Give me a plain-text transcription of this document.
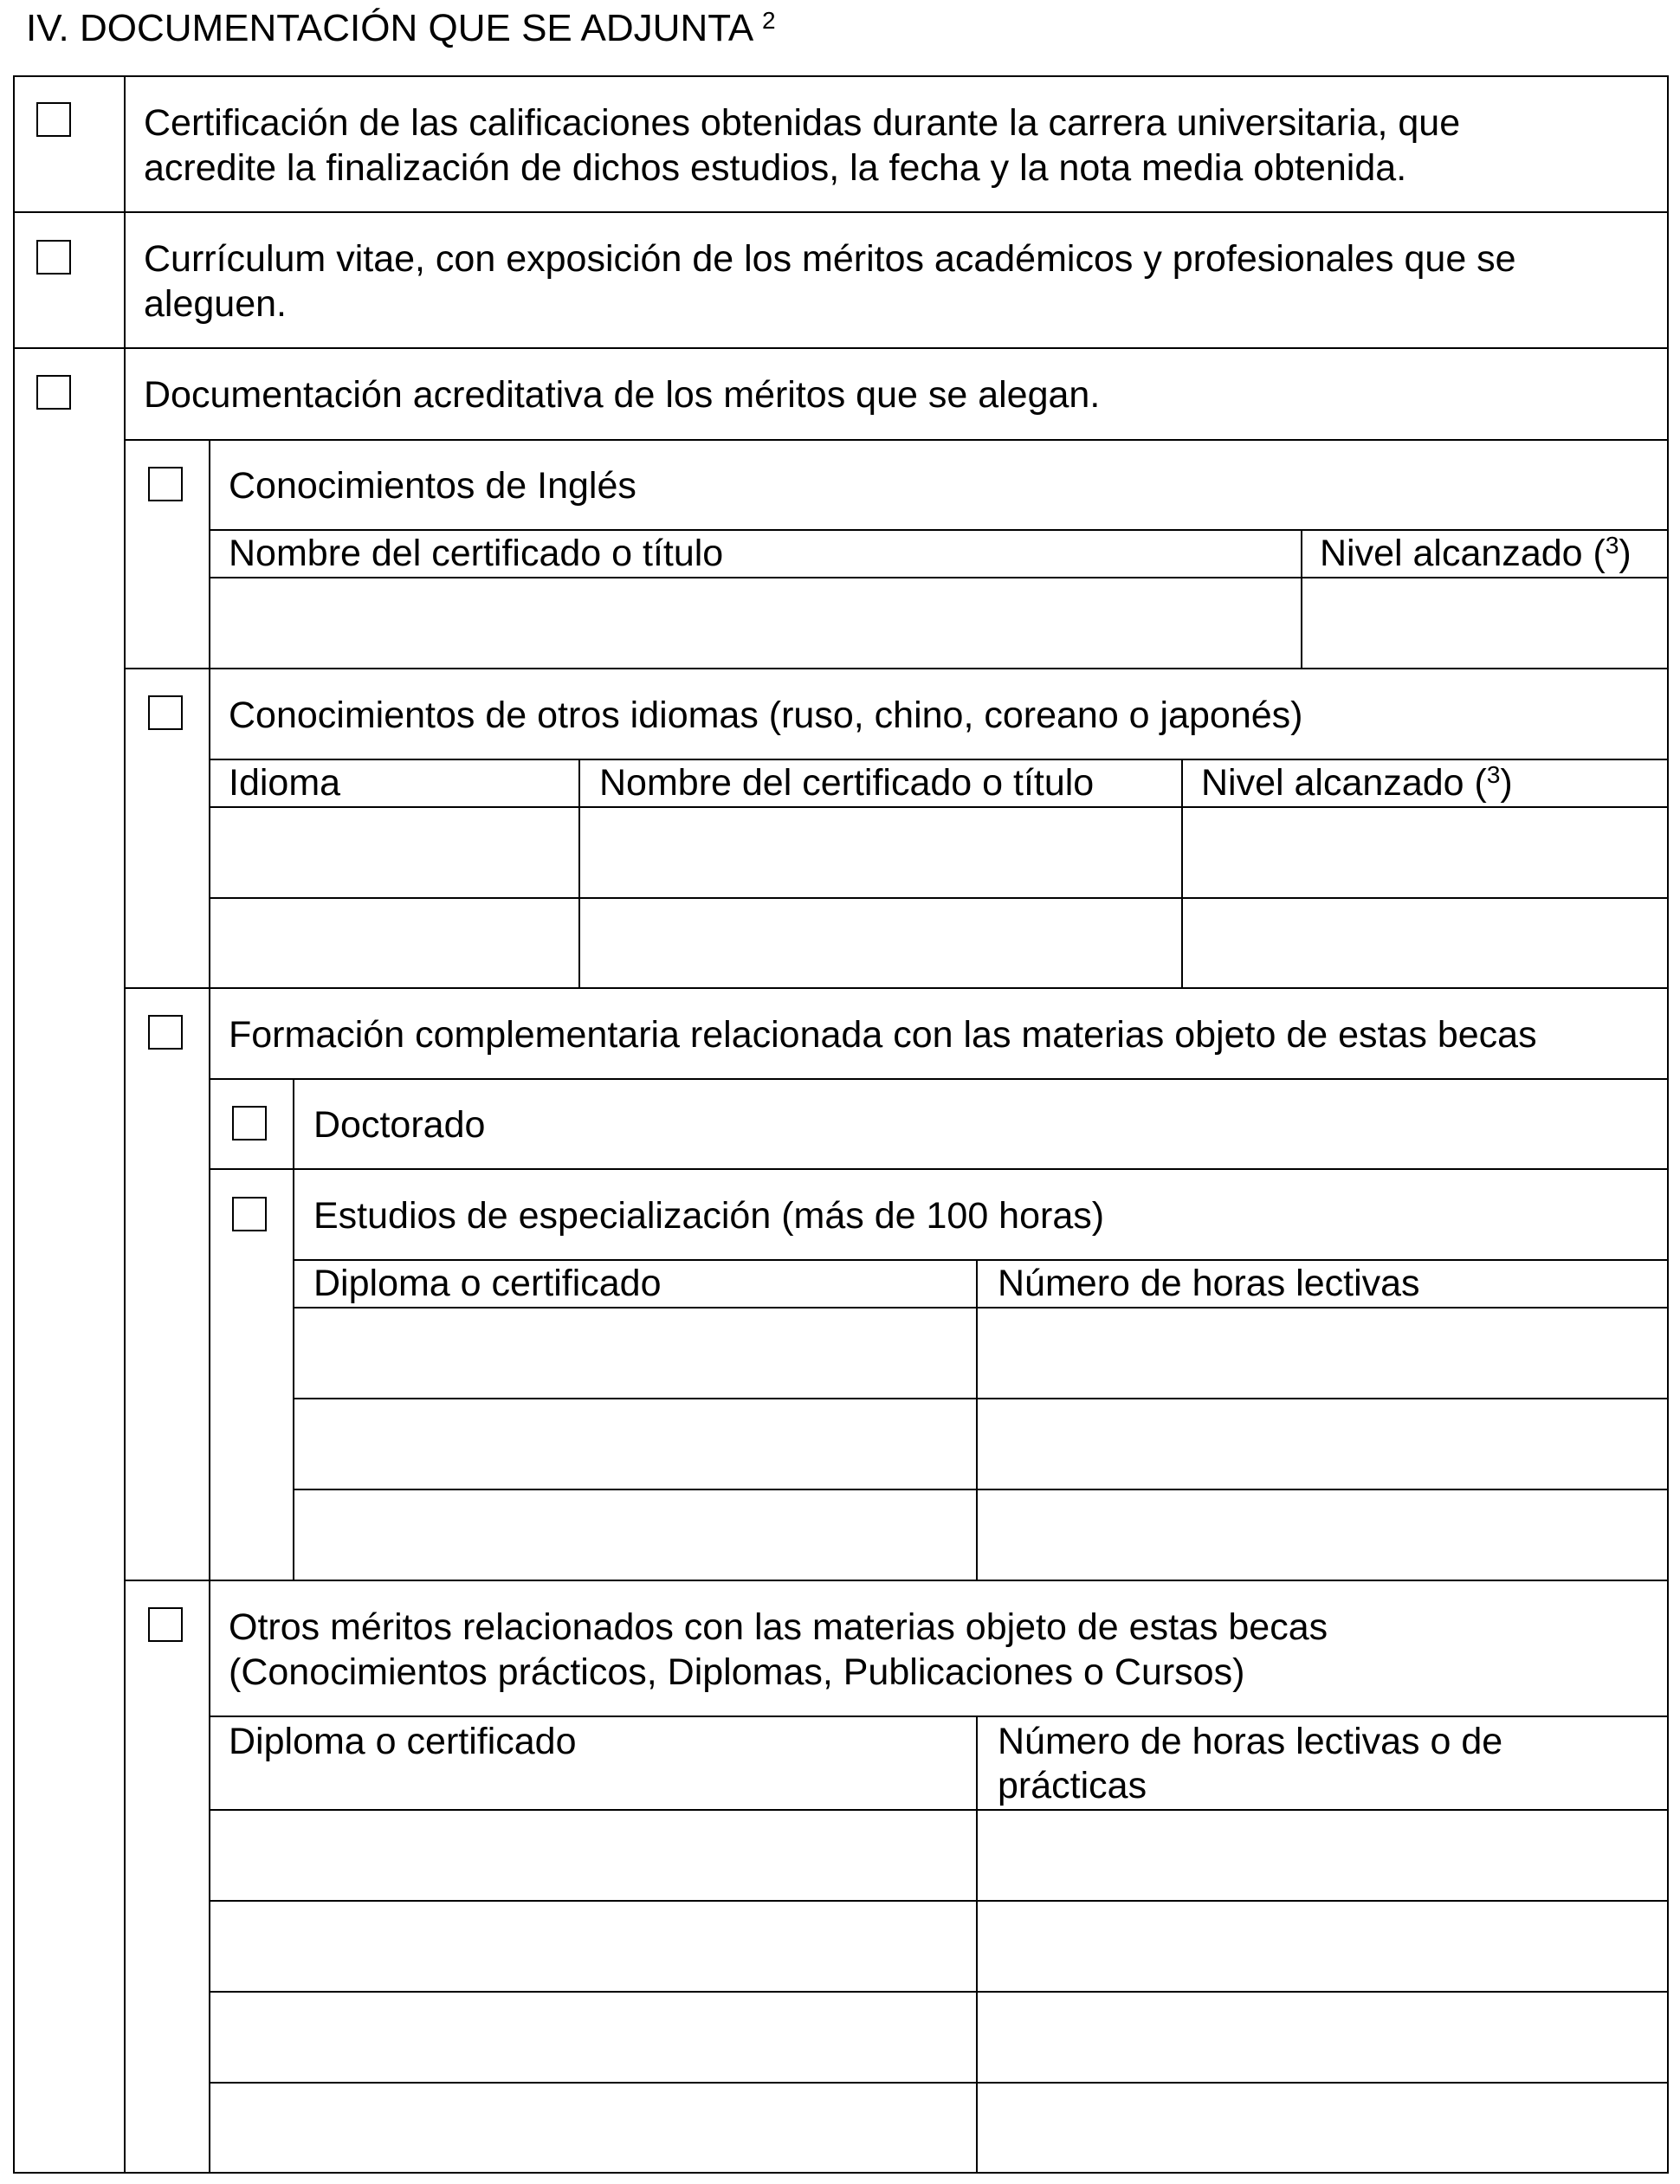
IV. DOCUMENTACIÓN QUE SE ADJUNTA $^2$
Certificación de las calificaciones obtenidas durante la carrera universitaria, que
acredite la finalización de dichos estudios, la fecha y la nota media obtenida.
Currículum vitae, con exposición de los méritos académicos y profesionales que se
aleguen.
Documentación acreditativa de los méritos que se alegan.
Conocimientos de Inglés
Nombre del certificado o título	Nivel alcanzado ($^3$)
Conocimientos de otros idiomas (ruso, chino, coreano o japonés)
Idioma	Nombre del certificado o título	Nivel alcanzado ($^3$)
Formación complementaria relacionada con las materias objeto de estas becas
Doctorado
Estudios de especialización (más de 100 horas)
Diploma o certificado	Número de horas lectivas
Otros méritos relacionados con las materias objeto de estas becas
(Conocimientos prácticos, Diplomas, Publicaciones o Cursos)
Diploma o certificado	Número de horas lectivas o de
prácticas
